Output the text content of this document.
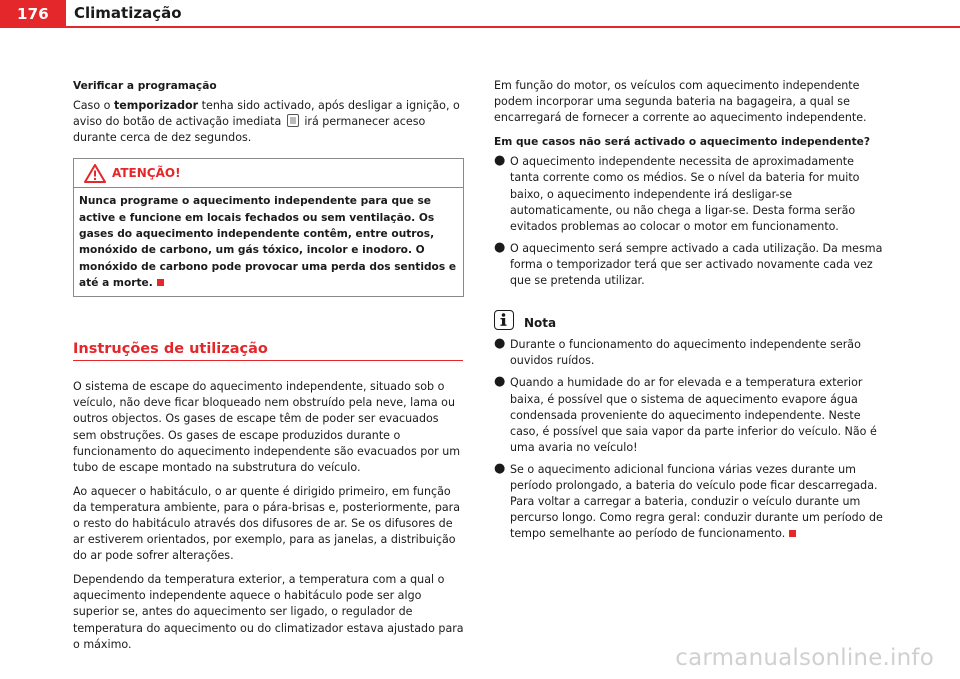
176	Climatização
Verificar a programação

Caso o temporizador tenha sido activado, após desligar a ignição, o aviso do botão de activação imediata
irá permanecer aceso durante cerca de dez segundos.

ATENÇÃO!
Nunca programe o aquecimento independente para que se active e funcione em locais fechados ou sem ventilação. Os gases do aquecimento independente contêm, entre outros, monóxido de carbono, um gás tóxico, incolor e inodoro. O monóxido de carbono pode provocar uma perda dos sentidos e até a morte.
Instruções de utilização

O sistema de escape do aquecimento independente, situado sob o veículo, não deve ficar bloqueado nem obstruído pela neve, lama ou outros objectos. Os gases de escape têm de poder ser evacuados sem obstruções. Os gases de escape produzidos durante o funcionamento do aquecimento independente são evacuados por um tubo de escape montado na substrutura do veículo.

Ao aquecer o habitáculo, o ar quente é dirigido primeiro, em função da temperatura ambiente, para o pára-brisas e, posteriormente, para o resto do habitáculo através dos difusores de ar. Se os difusores de ar estiverem orientados, por exemplo, para as janelas, a distribuição do ar pode sofrer alterações.

Dependendo da temperatura exterior, a temperatura com a qual o aquecimento independente aquece o habitáculo pode ser algo superior se, antes do aquecimento ser ligado, o regulador de temperatura do aquecimento ou do climatizador estava ajustado para o máximo.

Em função do motor, os veículos com aquecimento independente podem incorporar uma segunda bateria na bagageira, a qual se encarregará de fornecer a corrente ao aquecimento independente.

Em que casos não será activado o aquecimento independente?
● O aquecimento independente necessita de aproximadamente tanta corrente como os médios. Se o nível da bateria for muito baixo, o aquecimento independente irá desligar-se automaticamente, ou não chega a ligar-se. Desta forma serão evitados problemas ao colocar o motor em funcionamento.
● O aquecimento será sempre activado a cada utilização. Da mesma forma o temporizador terá que ser activado novamente cada vez que se pretenda utilizar.
Nota
● Durante o funcionamento do aquecimento independente serão ouvidos ruídos.
● Quando a humidade do ar for elevada e a temperatura exterior baixa, é possível que o sistema de aquecimento evapore água condensada proveniente do aquecimento independente. Neste caso, é possível que saia vapor da parte inferior do veículo. Não é uma avaria no veículo!
● Se o aquecimento adicional funciona várias vezes durante um período prolongado, a bateria do veículo pode ficar descarregada. Para voltar a carregar a bateria, conduzir o veículo durante um percurso longo. Como regra geral: conduzir durante um período de tempo semelhante ao período de funcionamento.
carmanualsonline.info
